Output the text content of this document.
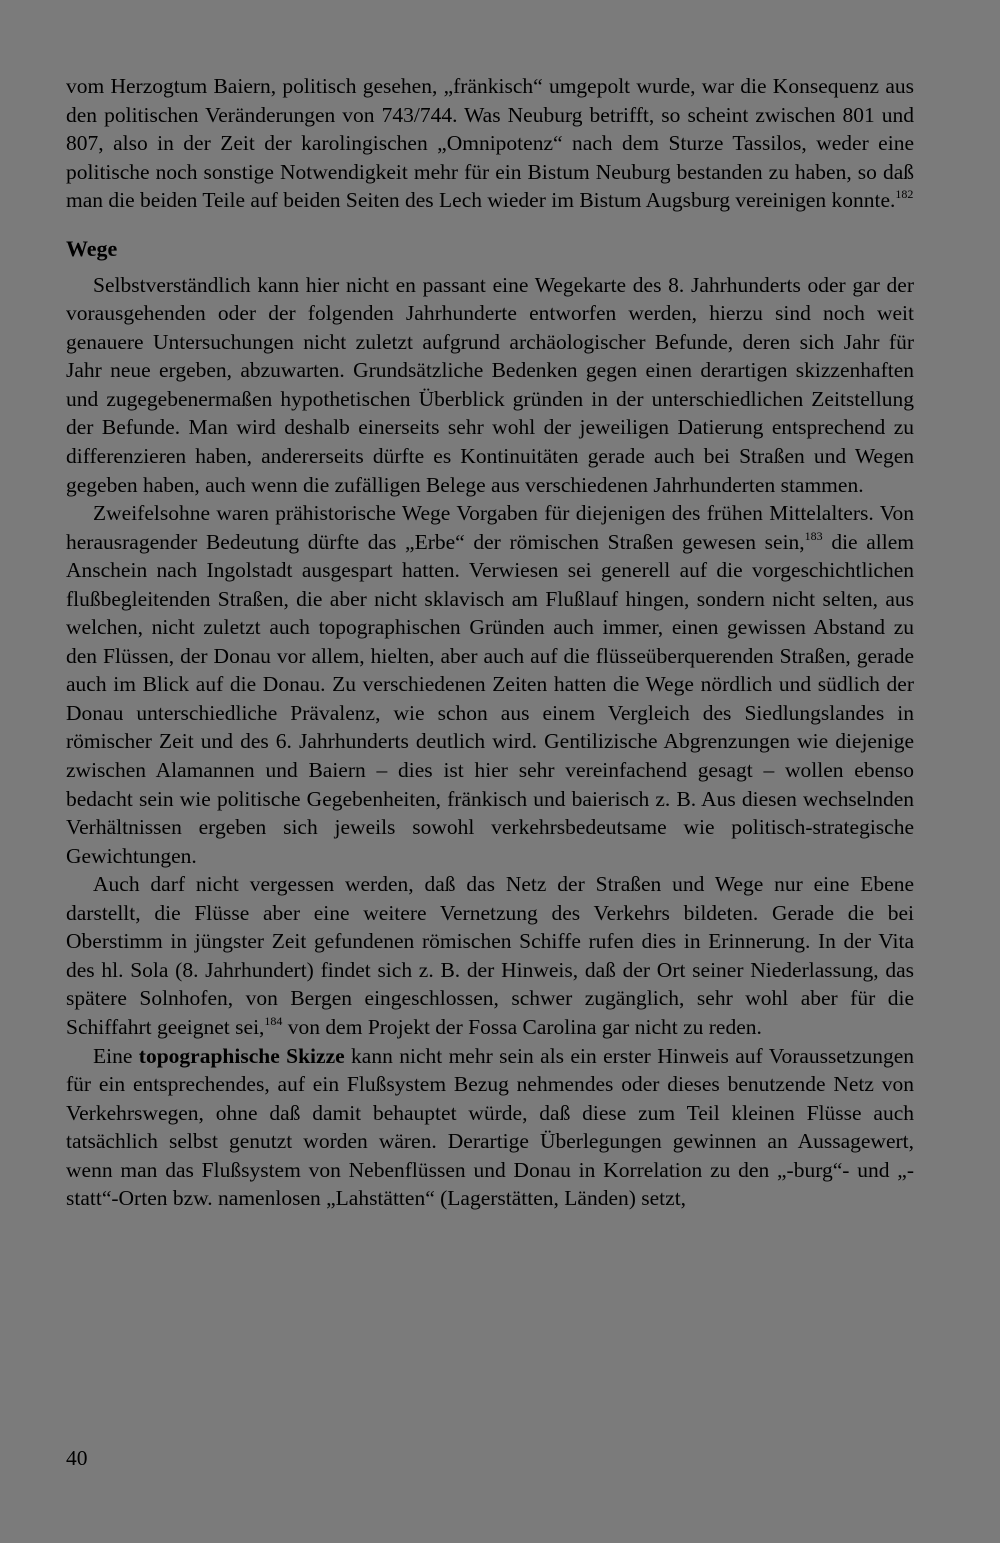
vom Herzogtum Baiern, politisch gesehen, „fränkisch“ umgepolt wurde, war die Konsequenz aus den politischen Veränderungen von 743/744. Was Neuburg betrifft, so scheint zwischen 801 und 807, also in der Zeit der karolingischen „Omnipotenz“ nach dem Sturze Tassilos, weder eine politische noch sonstige Notwendigkeit mehr für ein Bistum Neuburg bestanden zu haben, so daß man die beiden Teile auf beiden Seiten des Lech wieder im Bistum Augsburg vereinigen konnte.$^{182}$

Wege

Selbstverständlich kann hier nicht en passant eine Wegekarte des 8. Jahrhunderts oder gar der vorausgehenden oder der folgenden Jahrhunderte entworfen werden, hierzu sind noch weit genauere Untersuchungen nicht zuletzt aufgrund archäologischer Befunde, deren sich Jahr für Jahr neue ergeben, abzuwarten. Grundsätzliche Bedenken gegen einen derartigen skizzenhaften und zugegebenermaßen hypothetischen Überblick gründen in der unterschiedlichen Zeitstellung der Befunde. Man wird deshalb einerseits sehr wohl der jeweiligen Datierung entsprechend zu differenzieren haben, andererseits dürfte es Kontinuitäten gerade auch bei Straßen und Wegen gegeben haben, auch wenn die zufälligen Belege aus verschiedenen Jahrhunderten stammen.

Zweifelsohne waren prähistorische Wege Vorgaben für diejenigen des frühen Mittelalters. Von herausragender Bedeutung dürfte das „Erbe“ der römischen Straßen gewesen sein,$^{183}$ die allem Anschein nach Ingolstadt ausgespart hatten. Verwiesen sei generell auf die vorgeschichtlichen flußbegleitenden Straßen, die aber nicht sklavisch am Flußlauf hingen, sondern nicht selten, aus welchen, nicht zuletzt auch topographischen Gründen auch immer, einen gewissen Abstand zu den Flüssen, der Donau vor allem, hielten, aber auch auf die flüsseüberquerenden Straßen, gerade auch im Blick auf die Donau. Zu verschiedenen Zeiten hatten die Wege nördlich und südlich der Donau unterschiedliche Prävalenz, wie schon aus einem Vergleich des Siedlungslandes in römischer Zeit und des 6. Jahrhunderts deutlich wird. Gentilizische Abgrenzungen wie diejenige zwischen Alamannen und Baiern – dies ist hier sehr vereinfachend gesagt – wollen ebenso bedacht sein wie politische Gegebenheiten, fränkisch und baierisch z. B. Aus diesen wechselnden Verhältnissen ergeben sich jeweils sowohl verkehrsbedeutsame wie politisch-strategische Gewichtungen.

Auch darf nicht vergessen werden, daß das Netz der Straßen und Wege nur eine Ebene darstellt, die Flüsse aber eine weitere Vernetzung des Verkehrs bildeten. Gerade die bei Oberstimm in jüngster Zeit gefundenen römischen Schiffe rufen dies in Erinnerung. In der Vita des hl. Sola (8. Jahrhundert) findet sich z. B. der Hinweis, daß der Ort seiner Niederlassung, das spätere Solnhofen, von Bergen eingeschlossen, schwer zugänglich, sehr wohl aber für die Schiffahrt geeignet sei,$^{184}$ von dem Projekt der Fossa Carolina gar nicht zu reden.

Eine topographische Skizze kann nicht mehr sein als ein erster Hinweis auf Voraussetzungen für ein entsprechendes, auf ein Flußsystem Bezug nehmendes oder dieses benutzende Netz von Verkehrswegen, ohne daß damit behauptet würde, daß diese zum Teil kleinen Flüsse auch tatsächlich selbst genutzt worden wären. Derartige Überlegungen gewinnen an Aussagewert, wenn man das Flußsystem von Nebenflüssen und Donau in Korrelation zu den „-burg“- und „-statt“-Orten bzw. namenlosen „Lahstätten“ (Lagerstätten, Länden) setzt,

40
